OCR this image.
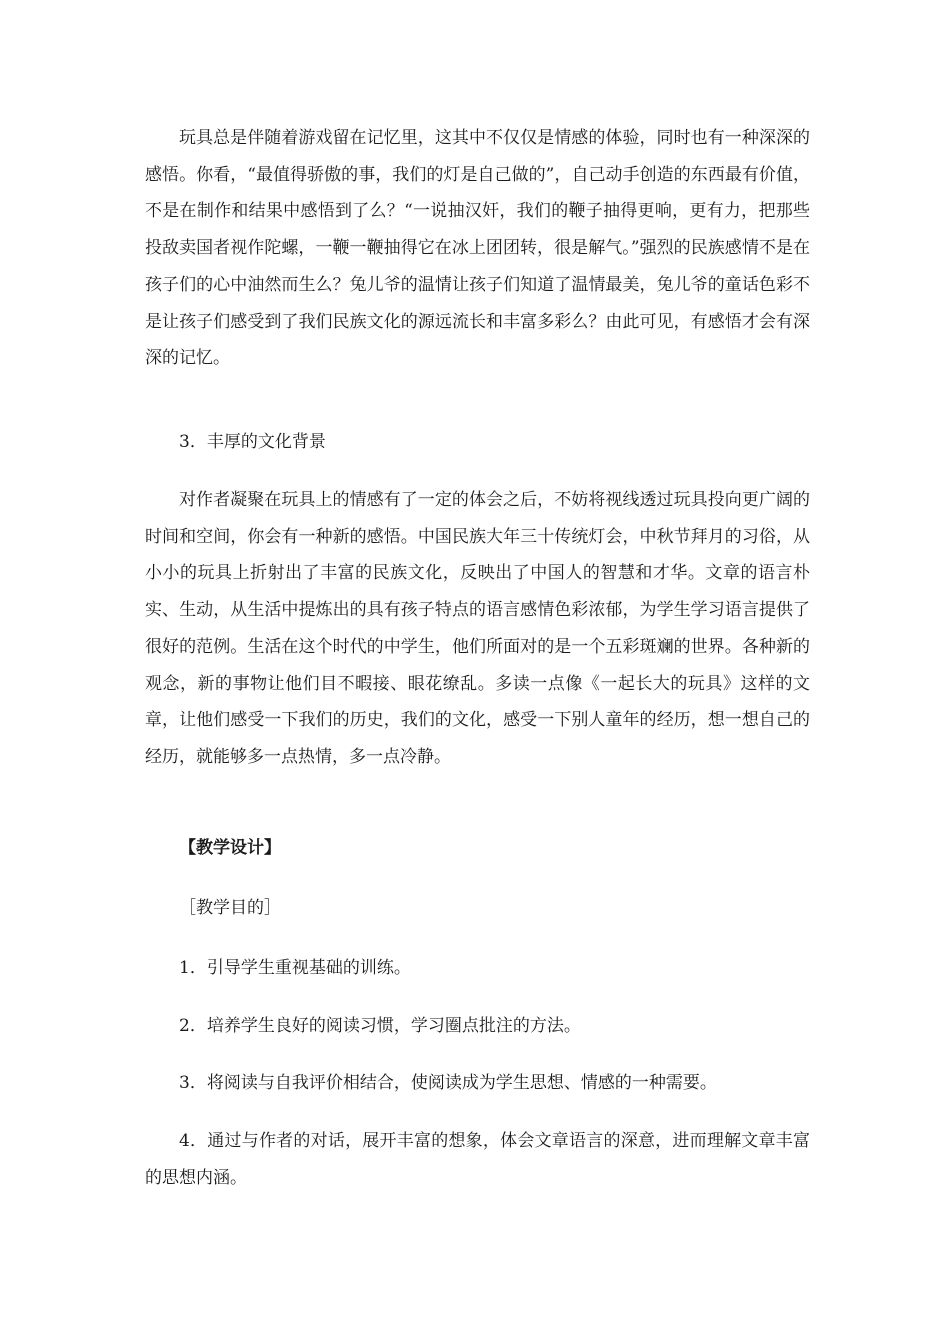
玩具总是伴随着游戏留在记忆里，这其中不仅仅是情感的体验，同时也有一种深深的感悟。你看，“最值得骄傲的事，我们的灯是自己做的”，自己动手创造的东西最有价值，不是在制作和结果中感悟到了么？“一说抽汉奸，我们的鞭子抽得更响，更有力，把那些投敌卖国者视作陀螺，一鞭一鞭抽得它在冰上团团转，很是解气。”强烈的民族感情不是在孩子们的心中油然而生么？兔儿爷的温情让孩子们知道了温情最美，兔儿爷的童话色彩不是让孩子们感受到了我们民族文化的源远流长和丰富多彩么？由此可见，有感悟才会有深深的记忆。

3．丰厚的文化背景

对作者凝聚在玩具上的情感有了一定的体会之后，不妨将视线透过玩具投向更广阔的时间和空间，你会有一种新的感悟。中国民族大年三十传统灯会，中秋节拜月的习俗，从小小的玩具上折射出了丰富的民族文化，反映出了中国人的智慧和才华。文章的语言朴实、生动，从生活中提炼出的具有孩子特点的语言感情色彩浓郁，为学生学习语言提供了很好的范例。生活在这个时代的中学生，他们所面对的是一个五彩斑斓的世界。各种新的观念，新的事物让他们目不暇接、眼花缭乱。多读一点像《一起长大的玩具》这样的文章，让他们感受一下我们的历史，我们的文化，感受一下别人童年的经历，想一想自己的经历，就能够多一点热情，多一点冷静。

【教学设计】

［教学目的］

1．引导学生重视基础的训练。

2．培养学生良好的阅读习惯，学习圈点批注的方法。

3．将阅读与自我评价相结合，使阅读成为学生思想、情感的一种需要。

4．通过与作者的对话，展开丰富的想象，体会文章语言的深意，进而理解文章丰富的思想内涵。
